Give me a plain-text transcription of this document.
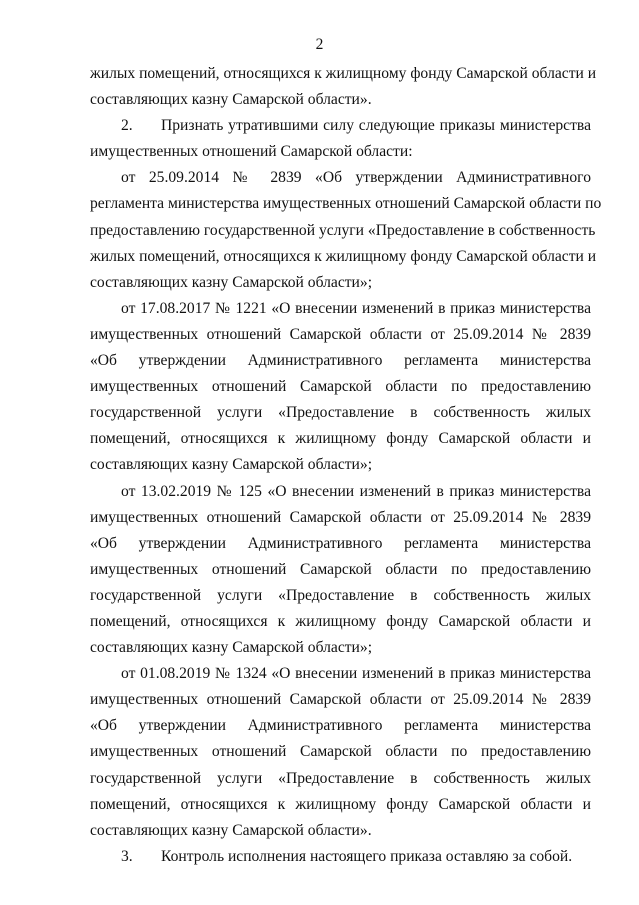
2
жилых помещений, относящихся к жилищному фонду Самарской области и
составляющих казну Самарской области».
2.	Признать утратившими силу следующие приказы министерства
имущественных отношений Самарской области:
от 25.09.2014 № 2839 «Об утверждении Административного
регламента министерства имущественных отношений Самарской области по
предоставлению государственной услуги «Предоставление в собственность
жилых помещений, относящихся к жилищному фонду Самарской области и
составляющих казну Самарской области»;
от 17.08.2017 № 1221 «О внесении изменений в приказ министерства
имущественных отношений Самарской области от 25.09.2014 № 2839
«Об утверждении Административного регламента министерства
имущественных отношений Самарской области по предоставлению
государственной услуги «Предоставление в собственность жилых
помещений, относящихся к жилищному фонду Самарской области и
составляющих казну Самарской области»;
от 13.02.2019 № 125 «О внесении изменений в приказ министерства
имущественных отношений Самарской области от 25.09.2014 № 2839
«Об утверждении Административного регламента министерства
имущественных отношений Самарской области по предоставлению
государственной услуги «Предоставление в собственность жилых
помещений, относящихся к жилищному фонду Самарской области и
составляющих казну Самарской области»;
от 01.08.2019 № 1324 «О внесении изменений в приказ министерства
имущественных отношений Самарской области от 25.09.2014 № 2839
«Об утверждении Административного регламента министерства
имущественных отношений Самарской области по предоставлению
государственной услуги «Предоставление в собственность жилых
помещений, относящихся к жилищному фонду Самарской области и
составляющих казну Самарской области».
3.	Контроль исполнения настоящего приказа оставляю за собой.
